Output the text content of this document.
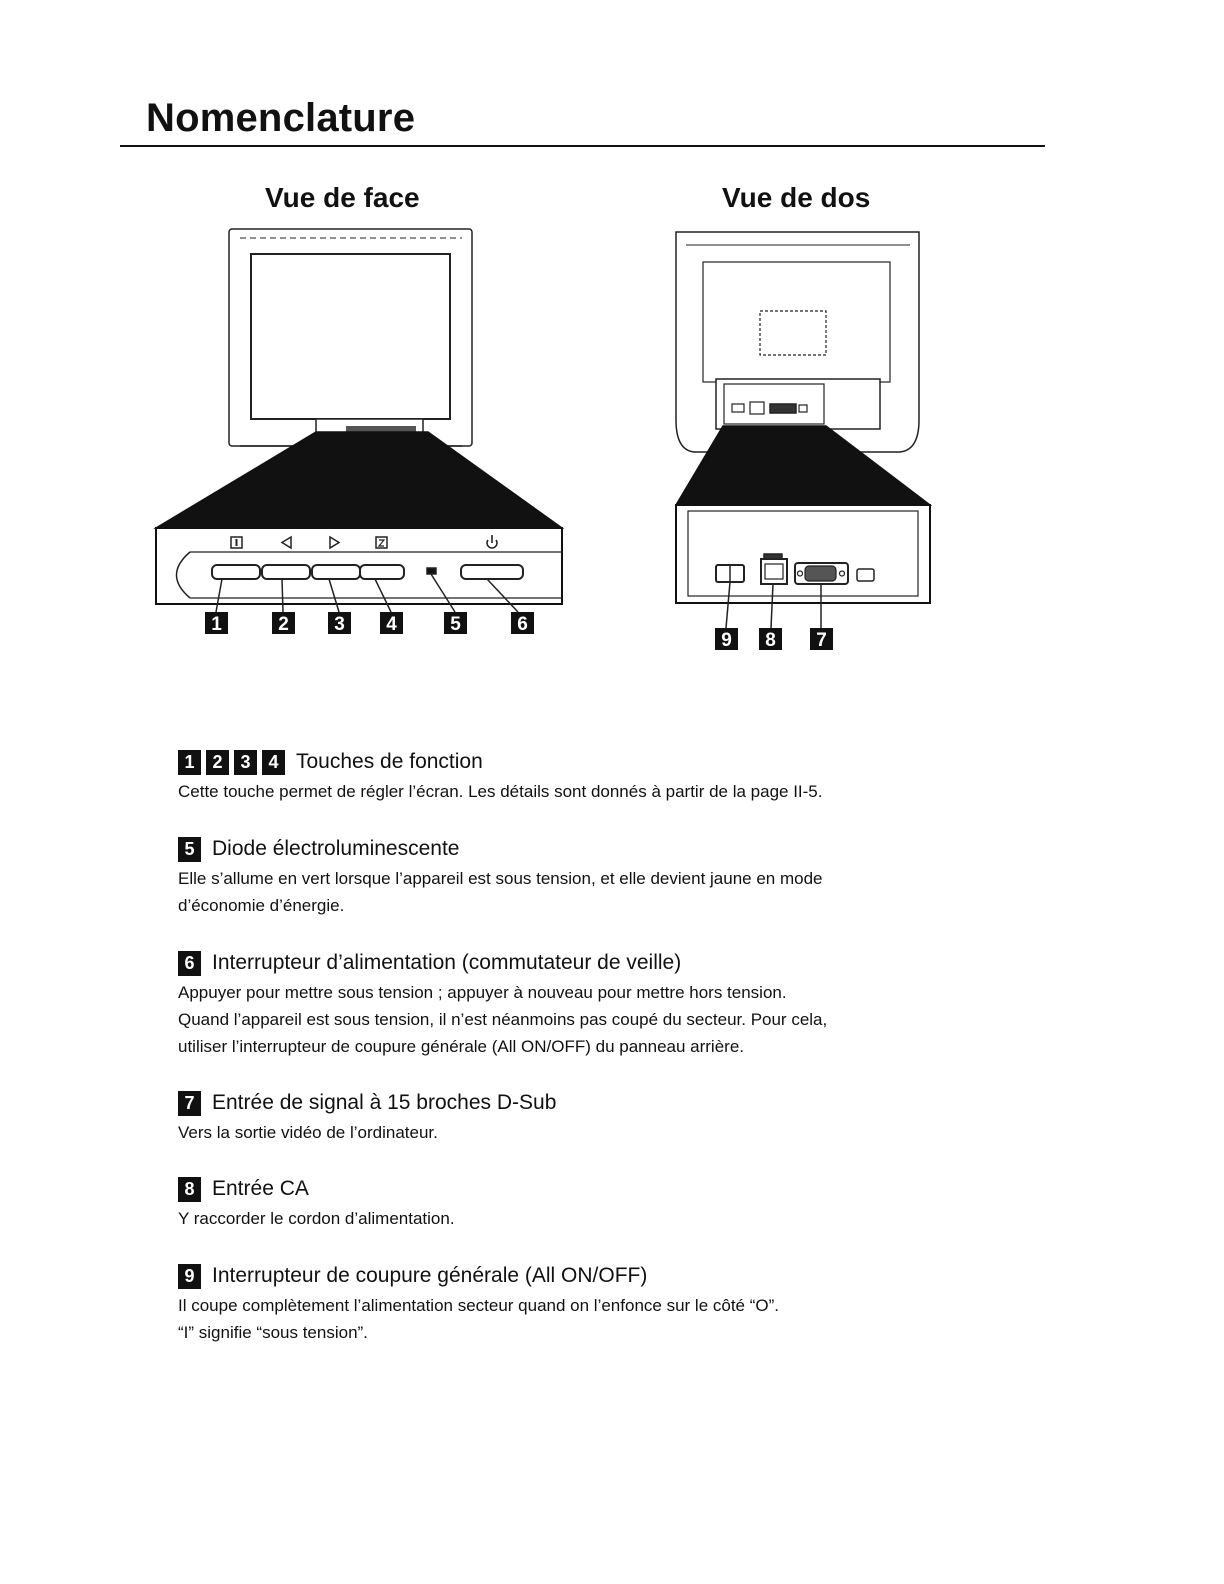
Nomenclature
Vue de face	Vue de dos
1	2 3 4	5	6
9 8 7
1 2 3 4 Touches de fonction

Cette touche permet de régler l’écran. Les détails sont donnés à partir de la page II-5.

5 Diode électroluminescente

Elle s’allume en vert lorsque l’appareil est sous tension, et elle devient jaune en mode
d’économie d’énergie.

6 Interrupteur d’alimentation (commutateur de veille)

Appuyer pour mettre sous tension ; appuyer à nouveau pour mettre hors tension.
Quand l’appareil est sous tension, il n’est néanmoins pas coupé du secteur. Pour cela,
utiliser l’interrupteur de coupure générale (All ON/OFF) du panneau arrière.

7 Entrée de signal à 15 broches D-Sub

Vers la sortie vidéo de l’ordinateur.

8 Entrée CA

Y raccorder le cordon d’alimentation.

9 Interrupteur de coupure générale (All ON/OFF)

Il coupe complètement l’alimentation secteur quand on l’enfonce sur le côté “O”.
“I” signifie “sous tension”.
